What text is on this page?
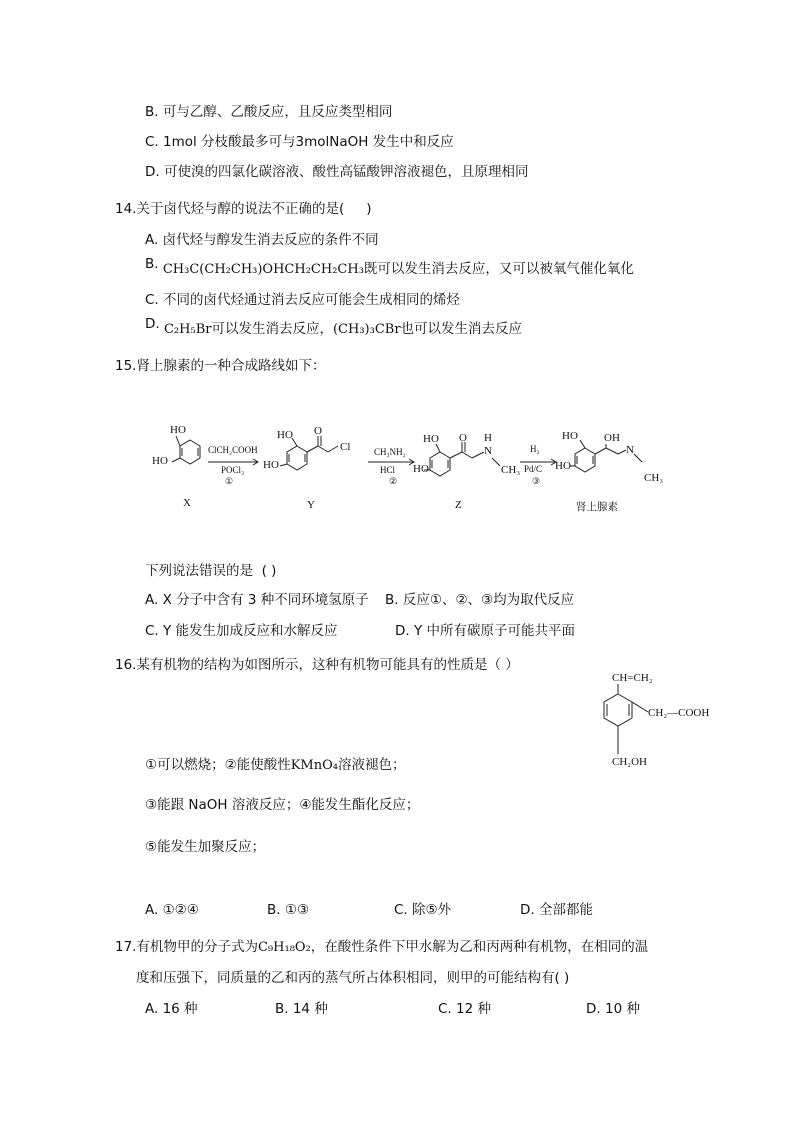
B. 可与乙醇、乙酸反应，且反应类型相同
C. 1mol 分枝酸最多可与3molNaOH 发生中和反应
D. 可使溴的四氯化碳溶液、酸性高锰酸钾溶液褪色，且原理相同
14.关于卤代烃与醇的说法不正确的是( )
A. 卤代烃与醇发生消去反应的条件不同
B. CH₃C(CH₂CH₃)OHCH₂CH₂CH₃既可以发生消去反应，又可以被氧气催化氧化
C. 不同的卤代烃通过消去反应可能会生成相同的烯烃
D. C₂H₅Br可以发生消去反应，(CH₃)₃CBr也可以发生消去反应
15.肾上腺素的一种合成路线如下：
HO
HO
X
ClCH₂COOH
POCl₃
①
HO
HO
O
Cl
Y
CH₃NH₂
HCl
②
HO
HO
O
N
H
CH₃
Z
H₂
Pd/C
③
HO
HO
OH
N
CH₃
肾上腺素
下列说法错误的是 ( )
A. X 分子中含有 3 种不同环境氢原子 B. 反应①、②、③均为取代反应
C. Y 能发生加成反应和水解反应	D. Y 中所有碳原子可能共平面
16.某有机物的结构为如图所示，这种有机物可能具有的性质是（ ）
CH=CH₂
CH₂—COOH
CH₂OH
①可以燃烧；②能使酸性KMnO₄溶液褪色；
③能跟 NaOH 溶液反应；④能发生酯化反应；
⑤能发生加聚反应；
A. ①②④	B. ①③	C. 除⑤外	D. 全部都能
17.有机物甲的分子式为C₉H₁₈O₂，在酸性条件下甲水解为乙和丙两种有机物，在相同的温
度和压强下，同质量的乙和丙的蒸气所占体积相同，则甲的可能结构有( )
A. 16 种	B. 14 种	C. 12 种	D. 10 种
